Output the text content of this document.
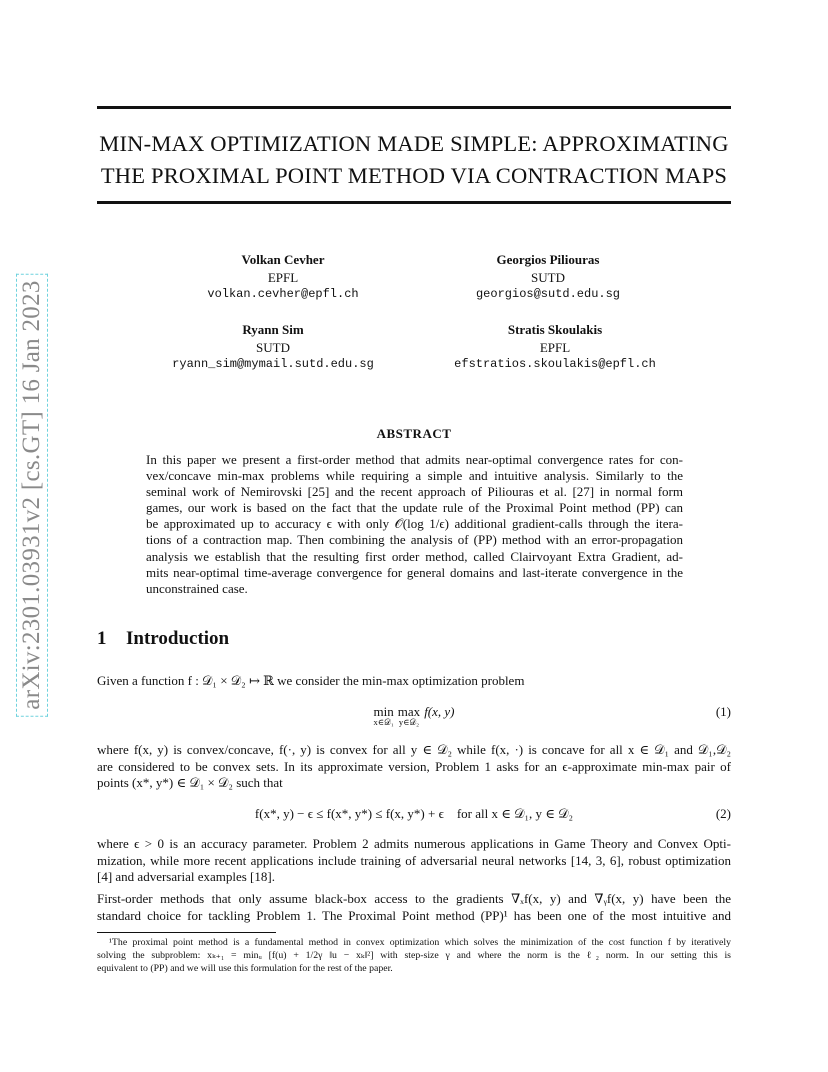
arXiv:2301.03931v2 [cs.GT] 16 Jan 2023
MIN-MAX OPTIMIZATION MADE SIMPLE: APPROXIMATING
THE PROXIMAL POINT METHOD VIA CONTRACTION MAPS
Volkan Cevher
EPFL
volkan.cevher@epfl.ch
Georgios Piliouras
SUTD
georgios@sutd.edu.sg
Ryann Sim
SUTD
ryann_sim@mymail.sutd.edu.sg
Stratis Skoulakis
EPFL
efstratios.skoulakis@epfl.ch
ABSTRACT
In this paper we present a first-order method that admits near-optimal convergence rates for con-
vex/concave min-max problems while requiring a simple and intuitive analysis. Similarly to the
seminal work of Nemirovski [25] and the recent approach of Piliouras et al. [27] in normal form
games, our work is based on the fact that the update rule of the Proximal Point method (PP) can
be approximated up to accuracy ϵ with only 𝒪(log 1/ϵ) additional gradient-calls through the itera-
tions of a contraction map. Then combining the analysis of (PP) method with an error-propagation
analysis we establish that the resulting first order method, called Clairvoyant Extra Gradient, ad-
mits near-optimal time-average convergence for general domains and last-iterate convergence in the
unconstrained case.
1 Introduction
Given a function f : 𝒟₁ × 𝒟₂ ↦ ℝ we consider the min-max optimization problem
min
x∈𝒟₁
max
y∈𝒟₂
f(x, y)	(1)
where f(x, y) is convex/concave, f(·, y) is convex for all y ∈ 𝒟₂ while f(x, ·) is concave for all x ∈ 𝒟₁ and 𝒟₁,𝒟₂
are considered to be convex sets. In its approximate version, Problem 1 asks for an ϵ-approximate min-max pair of
points (x*, y*) ∈ 𝒟₁ × 𝒟₂ such that
f(x*, y) − ϵ ≤ f(x*, y*) ≤ f(x, y*) + ϵ    for all x ∈ 𝒟₁, y ∈ 𝒟₂	(2)
where ϵ > 0 is an accuracy parameter. Problem 2 admits numerous applications in Game Theory and Convex Opti-
mization, while more recent applications include training of adversarial neural networks [14, 3, 6], robust optimization
[4] and adversarial examples [18].
First-order methods that only assume black-box access to the gradients ∇ₓf(x, y) and ∇ᵧf(x, y) have been the
standard choice for tackling Problem 1. The Proximal Point method (PP)¹ has been one of the most intuitive and
¹The proximal point method is a fundamental method in convex optimization which solves the minimization of the cost function f by iteratively
solving the subproblem: xₖ₊₁ = minᵤ [f(u) + 1/2γ ‖u − xₖ‖²] with step-size γ and where the norm is the ℓ₂ norm. In our setting this is
equivalent to (PP) and we will use this formulation for the rest of the paper.
